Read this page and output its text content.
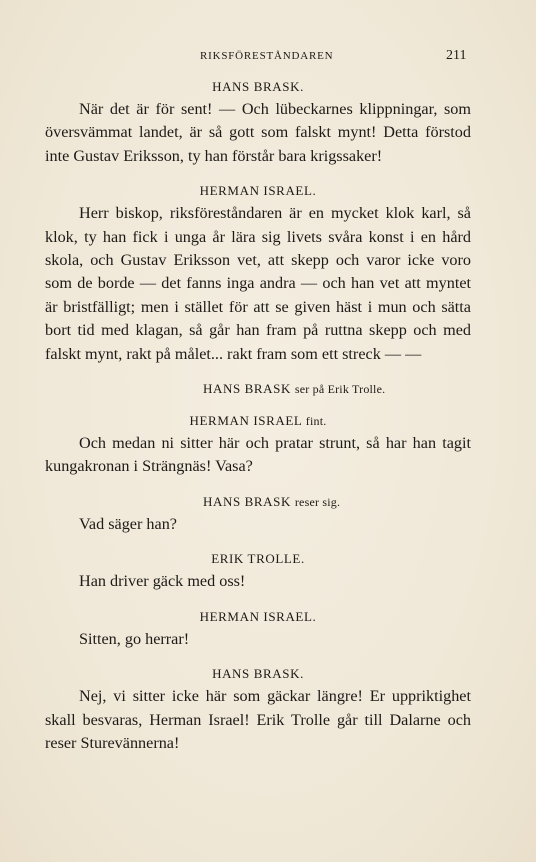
RIKSFÖRESTÅNDAREN	211
HANS BRASK.
När det är för sent! — Och lübeckarnes klippningar, som översvämmat landet, är så gott som falskt mynt! Detta förstod inte Gustav Eriksson, ty han förstår bara krigssaker!
HERMAN ISRAEL.
Herr biskop, riksföreståndaren är en mycket klok karl, så klok, ty han fick i unga år lära sig livets svåra konst i en hård skola, och Gustav Eriksson vet, att skepp och varor icke voro som de borde — det fanns inga andra — och han vet att myntet är bristfälligt; men i stället för att se given häst i mun och sätta bort tid med klagan, så går han fram på ruttna skepp och med falskt mynt, rakt på målet... rakt fram som ett streck — —
HANS BRASK ser på Erik Trolle.
HERMAN ISRAEL fint.
Och medan ni sitter här och pratar strunt, så har han tagit kungakronan i Strängnäs! Vasa?
HANS BRASK reser sig.
Vad säger han?
ERIK TROLLE.
Han driver gäck med oss!
HERMAN ISRAEL.
Sitten, go herrar!
HANS BRASK.
Nej, vi sitter icke här som gäckar längre! Er uppriktighet skall besvaras, Herman Israel! Erik Trolle går till Dalarne och reser Sturevännerna!
